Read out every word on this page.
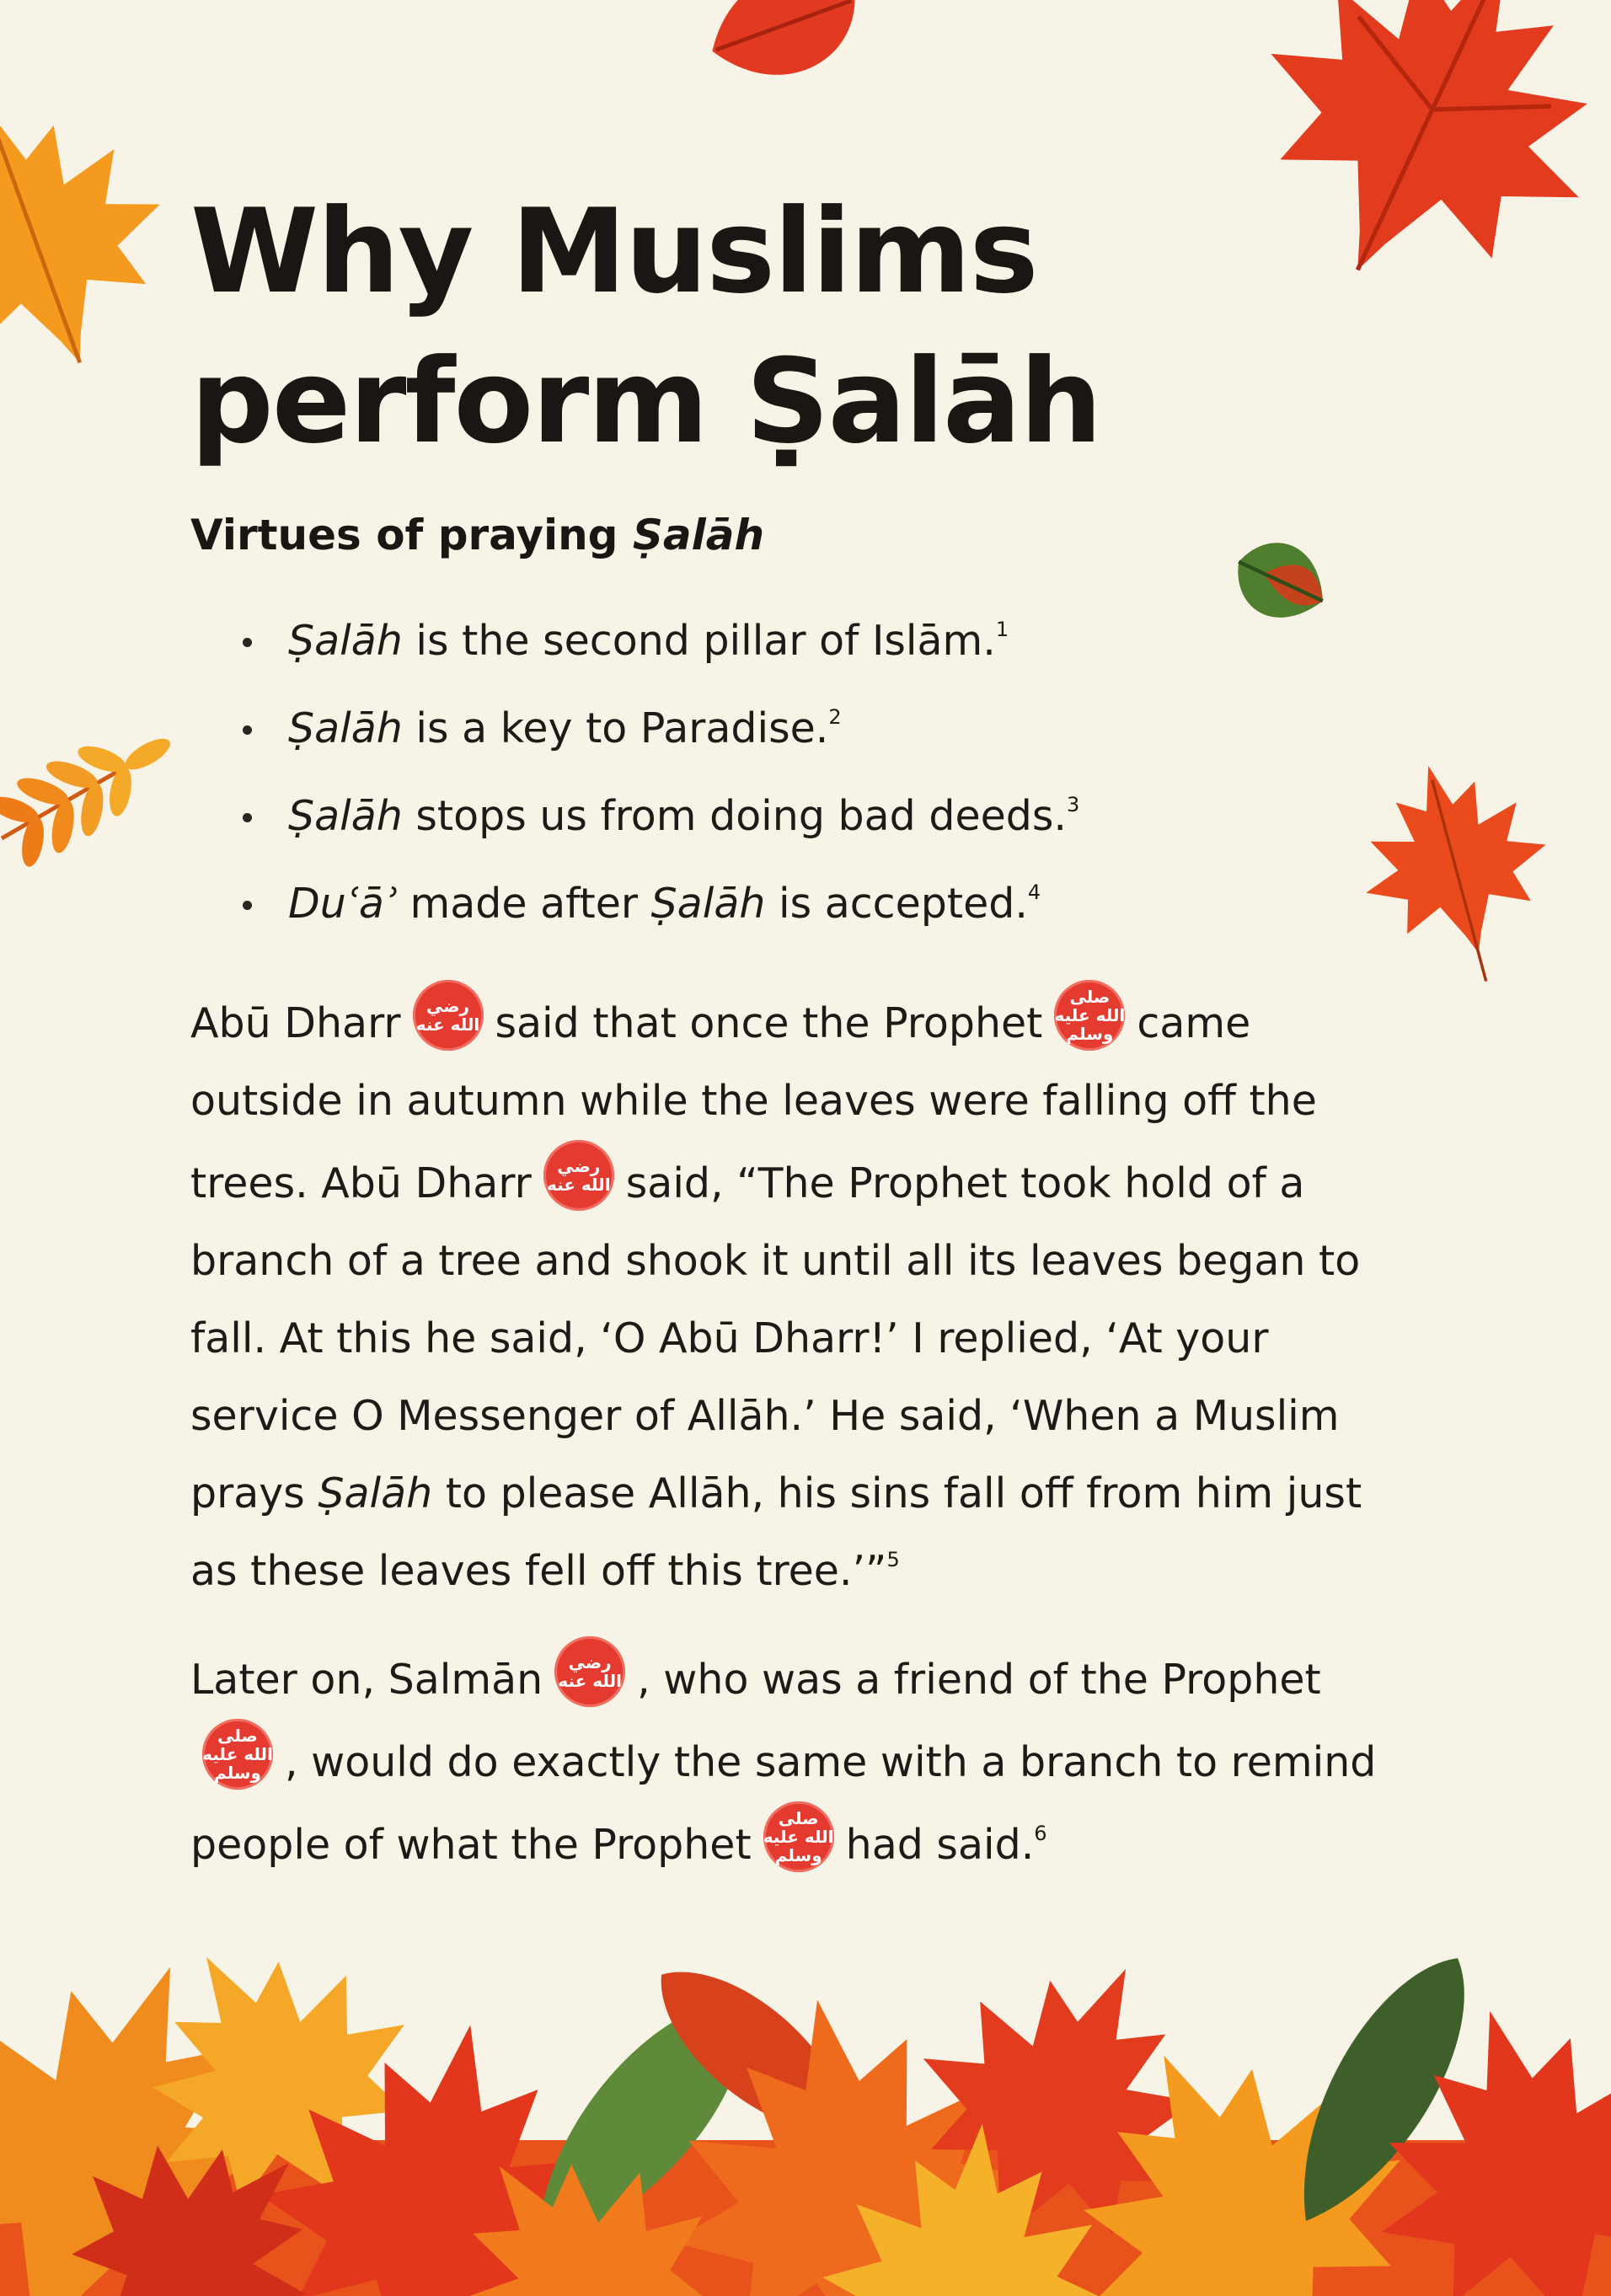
Why Muslims perform Ṣalāh
Virtues of praying Ṣalāh
Ṣalāh is the second pillar of Islām.$^1$
Ṣalāh is a key to Paradise.$^2$
Ṣalāh stops us from doing bad deeds.$^3$
Duʿāʾ made after Ṣalāh is accepted.$^4$

Abū Dharr	رضي
الله عنه	said that once the Prophet
صلى
الله عليه
وسلم came outside in autumn while the leaves were falling off the trees. Abū Dharr	رضي
الله عنه	said, “The Prophet took hold of a branch of a tree and shook it until all its leaves began to fall. At this he said, ‘O Abū Dharr!’ I replied, ‘At your service O Messenger of Allāh.’ He said, ‘When a Muslim prays Ṣalāh to please Allāh, his sins fall off from him just as these leaves fell off this tree.’”$^5$

Later on, Salmān	رضي
الله عنه	, who was a friend of the Prophet
صلى
الله عليه
وسلم , would do exactly the same with a branch to remind people of what the Prophet
صلى
الله عليه
وسلم had said.$^6$
